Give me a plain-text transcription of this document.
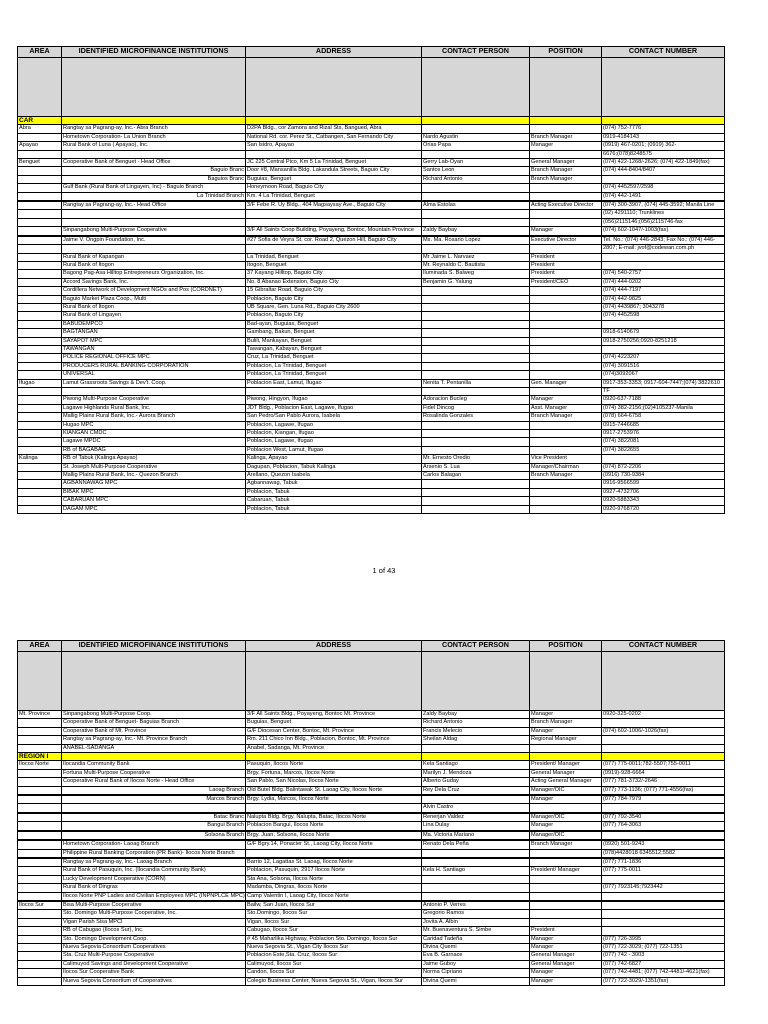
AREA	IDENTIFIED MICROFINANCE INSTITUTIONS	ADDRESS	CONTACT PERSON	POSITION	CONTACT NUMBER

CAR					
Abra	Rangtay sa Pagrang-ay, Inc.- Abra Branch	D2PA Bldg., cor Zamora and Rizal Sts, Bangued, Abra			(074) 752-7776
	Hometown Corporation- La Union Branch	National Rd. cor. Perez St., Catbangen, San Fernando City	Nardo Agustin	Branch Manager	0919-4184143
Apayao	Rural Bank of Luna ( Apayao), Inc.	San Isidro, Apayao	Orias Papa	Manager	(0919) 467-0201; (0919) 362-
					6676;(078)8248575
Benguet	Cooperative Bank of Benguet - Head Office	JC 225 Central Pico, Km 5 La Trinidad, Benguet	Gerry Lab-Oyan	General Manager	(074) 422-1268/-2626; (074) 422-1849(fax)
	Baguio Branc	Door #8, Mansanilla Bldg. Lakandula Streets, Baguio City	Santos Leon	Branch Manager	(074) 444-8404/8407
	Baguios Branc	Buguias, Benguet	Richard Antonio	Branch Manager	
	Gulf Bank (Rural Bank of Lingayen, Inc) - Baguio Branch	Honeymoon Road, Baguio City			(074) 4452597/2598
	La Trinidad Branch	Km. 4 La Trinidad, Benguet			(074) 442-1491

	Rangtay sa Pagrang-ay, Inc.- Head Office	3/F Febe R. Uy Bldg., 404 Magsaysay Ave., Baguio City	Alma Estolas	Acting Executive Director	(074) 300-3907, (074) 445-3592; Manila Line
					(02) 4291110; Trunklines
					(056)2115146;(056)2115746-fax
	Sinpangabong Multi-Purpose Cooperative	3/F All Saints Coop Building, Poyayeng, Bontoc, Mountain Province	Zaldy Baybay	Manager	(074) 602-1047/-1003(fax)

	Jaime V. Ongpin Foundation, Inc.	#27 Sofia de Veyra St. cor. Road 2, Quezon Hill, Baguio City	Ms. Ma. Rosario Lopez	Executive Director	Tel. No.: (074) 446-2843; Fax No.: (074) 446-
					2807; E-mail: jvof@codewan.com.ph
	Rural Bank of Kapangan	La Trinidad, Benguet	Mr Jaime L. Narvaez	President	
	Rural Bank of Itogon	Itogon, Benguet	Mr. Reynaldo C. Bautista	President	
	Bagong Pag-Asa Hilltop Entrepreneurs Organization, Inc.	37 Kayang Hilltop, Baguio City	Iluminada S. Balweg	President	(074) 540-2757
	Accord Savings Bank, Inc.	No. 8 Abanao Extension, Baguio City	Benjamin G. Yalung	President/CEO	(074) 444-0202
	Cordillera Network of Development NGOs and Pos (CORDNET)	15 Gibraltar Road, Baguio City			(074) 444-7197
	Baguio Market Plaza Coop., Multi	Poblacion, Baguio City			(074) 442-9825
	Rural Bank of Itogon	UB Square, Gen. Luna Rd., Baguio City 2600			(074) 4439867; 3043278
	Rural Bank of Lingayen	Poblacion, Baguio City			(074) 4452598
	BABUDEMPCO	Bad-ayan, Buguias, Benguet			
	BAGTANGAN	Gambang, Bakun, Benguet			0918-6140679
	SAYAPOT MPC	Bulili, Mankayan, Benguet			0918-2750256;0920-8251218
	TAWANGAN	Tawangan, Kabayan, Benguet			
	POLICE REGIONAL OFFICE MPC	Cruz, La Trinidad, Benguet			(074) 4223207
	PRODUCERS RURAL BANKING CORPORATION	Poblacion, La Trinidad, Benguet			(074) 3091516
	UNIVERSAL	Poblacion, La Trinidad, Benguet			(074)3092067
Ifugao	Lamut Grassroots Savings & Dev't. Coop.	Poblacion East, Lamut, Ifugao	Nenita T. Pentanilla	Gen. Manager	0917-353-3353; 0917-604-7447;(074) 3822610
					TF
	Piwong Multi-Purpose Cooperative	Piwong, Hingyon, Ifugao	Adoracion Bucleg	Manager	0920-637-7188
	Lagawe Highlands Rural Bank, Inc.	JDT Bldg., Poblacion East, Lagawe, Ifugao	Fidel Dincog	Asst. Manager	(074) 382-2156;(02)4105237-Manila
	Mallig Plains Rural Bank, Inc.- Aurora Branch	San Pedro/San Pablo Aurora, Isabela	Rosalinda Gonzales	Branch Manager	(078) 664-6758
	Hugao MPC	Poblacion, Lagawe, Ifugao			0915-7446685
	KIANGAN CMDC	Poblacion, Kiangan, Ifugao			0917-2753976
	Lagawe MPDC	Poblacion, Lagawe, Ifugao			(074) 3822081
	RB of BAGABAG	Poblacion West, Lamut, Ifugao			(074) 3822655
Kalinga	RB of Tabuk (Kalinga Apayao)	Kalinga, Apayao	Mr. Ernesto Oredio	Vice President	
	St. Joseph Multi-Purpose Cooperative	Dagupan, Poblacion, Tabuk Kalinga	Arsenio S. Lua	Manager/Chairman	(074) 872-2206
	Mallig Plains Rural Bank, Inc.- Quezon Branch	Arellano, Quezon Isabela	Carlos Balagan	Branch Manager	(0916) 730-9384
	AGBANNAWAG MPC	Agbannawag, Tabuk			0916-9566599
	BIBAK MPC	Poblacion, Tabuk			0927-4732706
	CABARUAN MPC	Cabaruan, Tabuk			0920-5883343
	DAGAM MPC	Poblacion, Tabuk			0920-9768720
1 of 43
AREA	IDENTIFIED MICROFINANCE INSTITUTIONS	ADDRESS	CONTACT PERSON	POSITION	CONTACT NUMBER

Mt. Province	Sinpangabong Multi-Purpose Coop.	3/F All Saints Bldg., Poyayeng, Bontoc Mt. Province	Zaldy Baybay	Manager	0920-325-0202
	Cooperative Bank of Benguet- Baguias Branch	Buguias, Benguet	Richard Antonio	Branch Manager	
	Cooperative Bank of Mt. Province	G/F Diocesan Center, Bontoc, Mt. Province	Francis Melecio	Manager	(074) 602-1006/-1026(fax)
	Rangtay sa Pagrang-ay, Inc.- Mt. Province Branch	Rm. 211 Chico Inn Bldg., Poblacion, Bontoc, Mt. Province	Sheilan Aldag	Regional Manager	
	ANABEL-SADANGA	Anabel, Sadanga, Mt. Province			
REGION I					
Ilocos Norte	Ilocandia Community Bank	Pasuquin, Ilocos Norte	Kela Santiago	President/ Manager	(077) 775-0011;782-5507;755-0011
	Fortuna Multi-Purpose Cooperative	Brgy. Fortuna, Marcos, Ilocos Norte	Marilyn J. Mendoza	General Manager	(0919)-928-6664
	Cooperative Rural Bank of Ilocos Norte - Head Office	San Pablo, San Nicolas, Ilocos Norte	Alberto Guday	Acting General Manager	(077) 781-3732/-2646
	Laoag Branch	Old Butel Bldg. Balintawak St. Laoag City, Ilocos Norte	Rey Dela Cruz	Manager/OIC	(077) 773-1136; (077) 771-4556(fax)

	Marcos Branch	Brgy. Lydia, Marcos, Ilocos Norte		Manager	(077) 784-7979
			Alvin Castro		

	Batac Branc	Nalupta Bldg. Brgy. Nalupta, Batac, Ilocos Norte	Renerjan Valdez	Manager/OIC	(077) 792-3540
	Bangui Branch	Poblacion Bangui, Ilocos Norte	Lina Dulay	Manager	(077) 764-3063

	Solsona Branch	Brgy. Juan, Solsona, Ilocos Norte	Ma. Victoria Mariano	Manager/OIC	

	Hometown Corporation- Laoag Branch	G/F Bgry.14, Ponacier St., Laoag City, Ilocos Norte	Renato Dela Peña	Branch Manager	(0920) 501-9243
	Philippine Rural Banking Corporation (PR Bank)- Ilocos Norte Branch				(078)4428018 6345512;5582

	Rangtay sa Pagrang-ay, Inc.- Laoag Branch	Barrio 12, Lagattas St. Laoag, Ilocos Norte			(077) 771-1836
	Rural Bank of Pasuquin, Inc. (Ilocandia Community Bank)	Poblacion, Pasuquin, 2917 Ilocos Norte	Kela H. Santiago	President/ Manager	(077) 775-0011
	Lucky Development Cooperative (CORN)	Sta Ana, Solsona, Ilocos Norte			
	Rural Bank of Dingras	Madamba, Dingras, Ilocos Norte			(077) 7923145;7923442
	Ilocos Norte PNP Ladies and Civilian Employees MPC (INPNPLCE MPC)	Camp Valentin I, Laoag City, Ilocos Norte			

Ilocos Sur	Bisa Multi-Purpose Cooperative	Bailw, San Juan, Ilocos Sur	Antonio P. Verres		
	Sto. Domingo Multi-Purpose Cooperative, Inc.	Sto.Domingo, Ilocos Sur	Gregorio Ramos		
	Vigan Parish Sisa MPCI	Vigan, Ilocos Sur	Jovita A. Albin		
	RB of Cabugao (Ilocos Sur), Inc.	Cabugao, Ilocos Sur	Mr. Buenaventura S. Simbe	President	
	Sto. Domingo Development Coop.	# 45 Maharlika Highway, Poblacion Sto. Domingo, Ilocos Sur	Caridad Tadeña	Manager	(077) 726-3995
	Nueva Segovia Consortium Cooperatives	Nueva Segovia St., Vigan City Ilocos Sur	Divina Quemi	Manager	(077) 722-3029; (077) 722-1351
	Sta. Cruz Multi-Purpose Cooperative	Poblacion Este,Sta. Cruz, Ilocos Sur	Eva B. Garnace	General Manager	(077) 742 - 3003
	Calimuyod Savings and Development Cooperative	Calimuyod, Ilocos Sur	Jaime Guboy	General Manager	(077) 742-6827
	Ilocos Sur Cooperative Bank	Candon, Ilocos Sur	Norma Cipriano	Manager	(077) 742-4481; (077) 742-4481/-4621(fax)
	Nueva Segovia Consortium of Cooperatives	Colegio Business Center, Nueva Segovia St., Vigan, Ilocos Sur	Divina Quemi	Manager	(077) 722-3029/-1351(fax)
